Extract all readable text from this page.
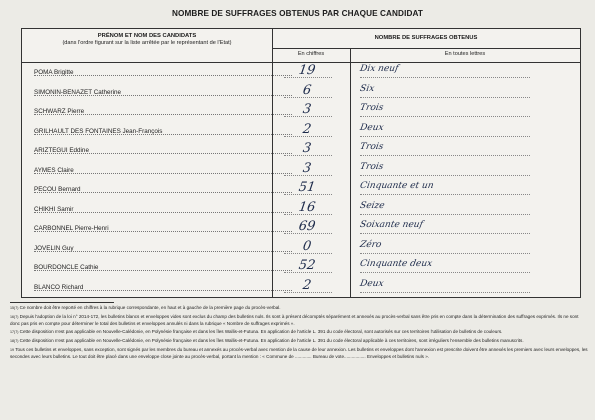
NOMBRE DE SUFFRAGES OBTENUS PAR CHAQUE CANDIDAT
PRÉNOM ET NOM DES CANDIDATS
(dans l'ordre figurant sur la liste arrêtée par le représentant de l'Etat)
NOMBRE DE SUFFRAGES OBTENUS
En chiffres	En toutes lettres
POMA Brigitte	19	Dix neuf
SIMONIN-BENAZET Catherine	6	Six
SCHWARZ Pierre	3	Trois
GRILHAULT DES FONTAINES Jean-François	2	Deux
ARIZTEGUI Eddine	3	Trois
AYMES Claire	3	Trois
PECOU Bernard	51	Cinquante et un
CHIKHI Samir	16	Seize
CARBONNEL Pierre-Henri	69	Soixante neuf
JOVELIN Guy	0	Zéro
BOURDONCLE Cathie	52	Cinquante deux
BLANCO Richard	2	Deux

$^{15(7)}$ Ce nombre doit être reporté en chiffres à la rubrique correspondante, en haut et à gauche de la première page du procès-verbal.

$^{16(7)}$ Depuis l'adoption de la loi n° 2014-172, les bulletins blancs et enveloppes vides sont exclus du champ des bulletins nuls. Ils sont à présent décomptés séparément et annexés au procès-verbal sans être pris en compte dans la détermination des suffrages exprimés. Ils ne sont donc pas pris en compte pour déterminer le total des bulletins et enveloppes annulés ni dans la rubrique « Nombre de suffrages exprimés ».

$^{17(7)}$ Cette disposition n'est pas applicable en Nouvelle-Calédonie, en Polynésie française et dans les îles Wallis-et-Futuna. En application de l'article L. 391 du code électoral, sont autorisés sur ces territoires l'utilisation de bulletins de couleurs.

$^{18(7)}$ Cette disposition n'est pas applicable en Nouvelle-Calédonie, en Polynésie française et dans les îles Wallis-et-Futuna. En application de l'article L. 391 du code électoral applicable à ces territoires, sont irréguliers l'ensemble des bulletins manuscrits.

$^{19}$ Tous ces bulletins et enveloppes, sans exception, sont signés par les membres du bureau et annexés au procès-verbal avec mention de la cause de leur annexion. Les bulletins et enveloppes dont l'annexion est prescrite doivent être annexés les premiers avec leurs enveloppes, les secondes avec leurs bulletins. Le tout doit être placé dans une enveloppe close jointe au procès-verbal, portant la mention : « Commune de ............. Bureau de vote................. Enveloppes et bulletins nuls ».
